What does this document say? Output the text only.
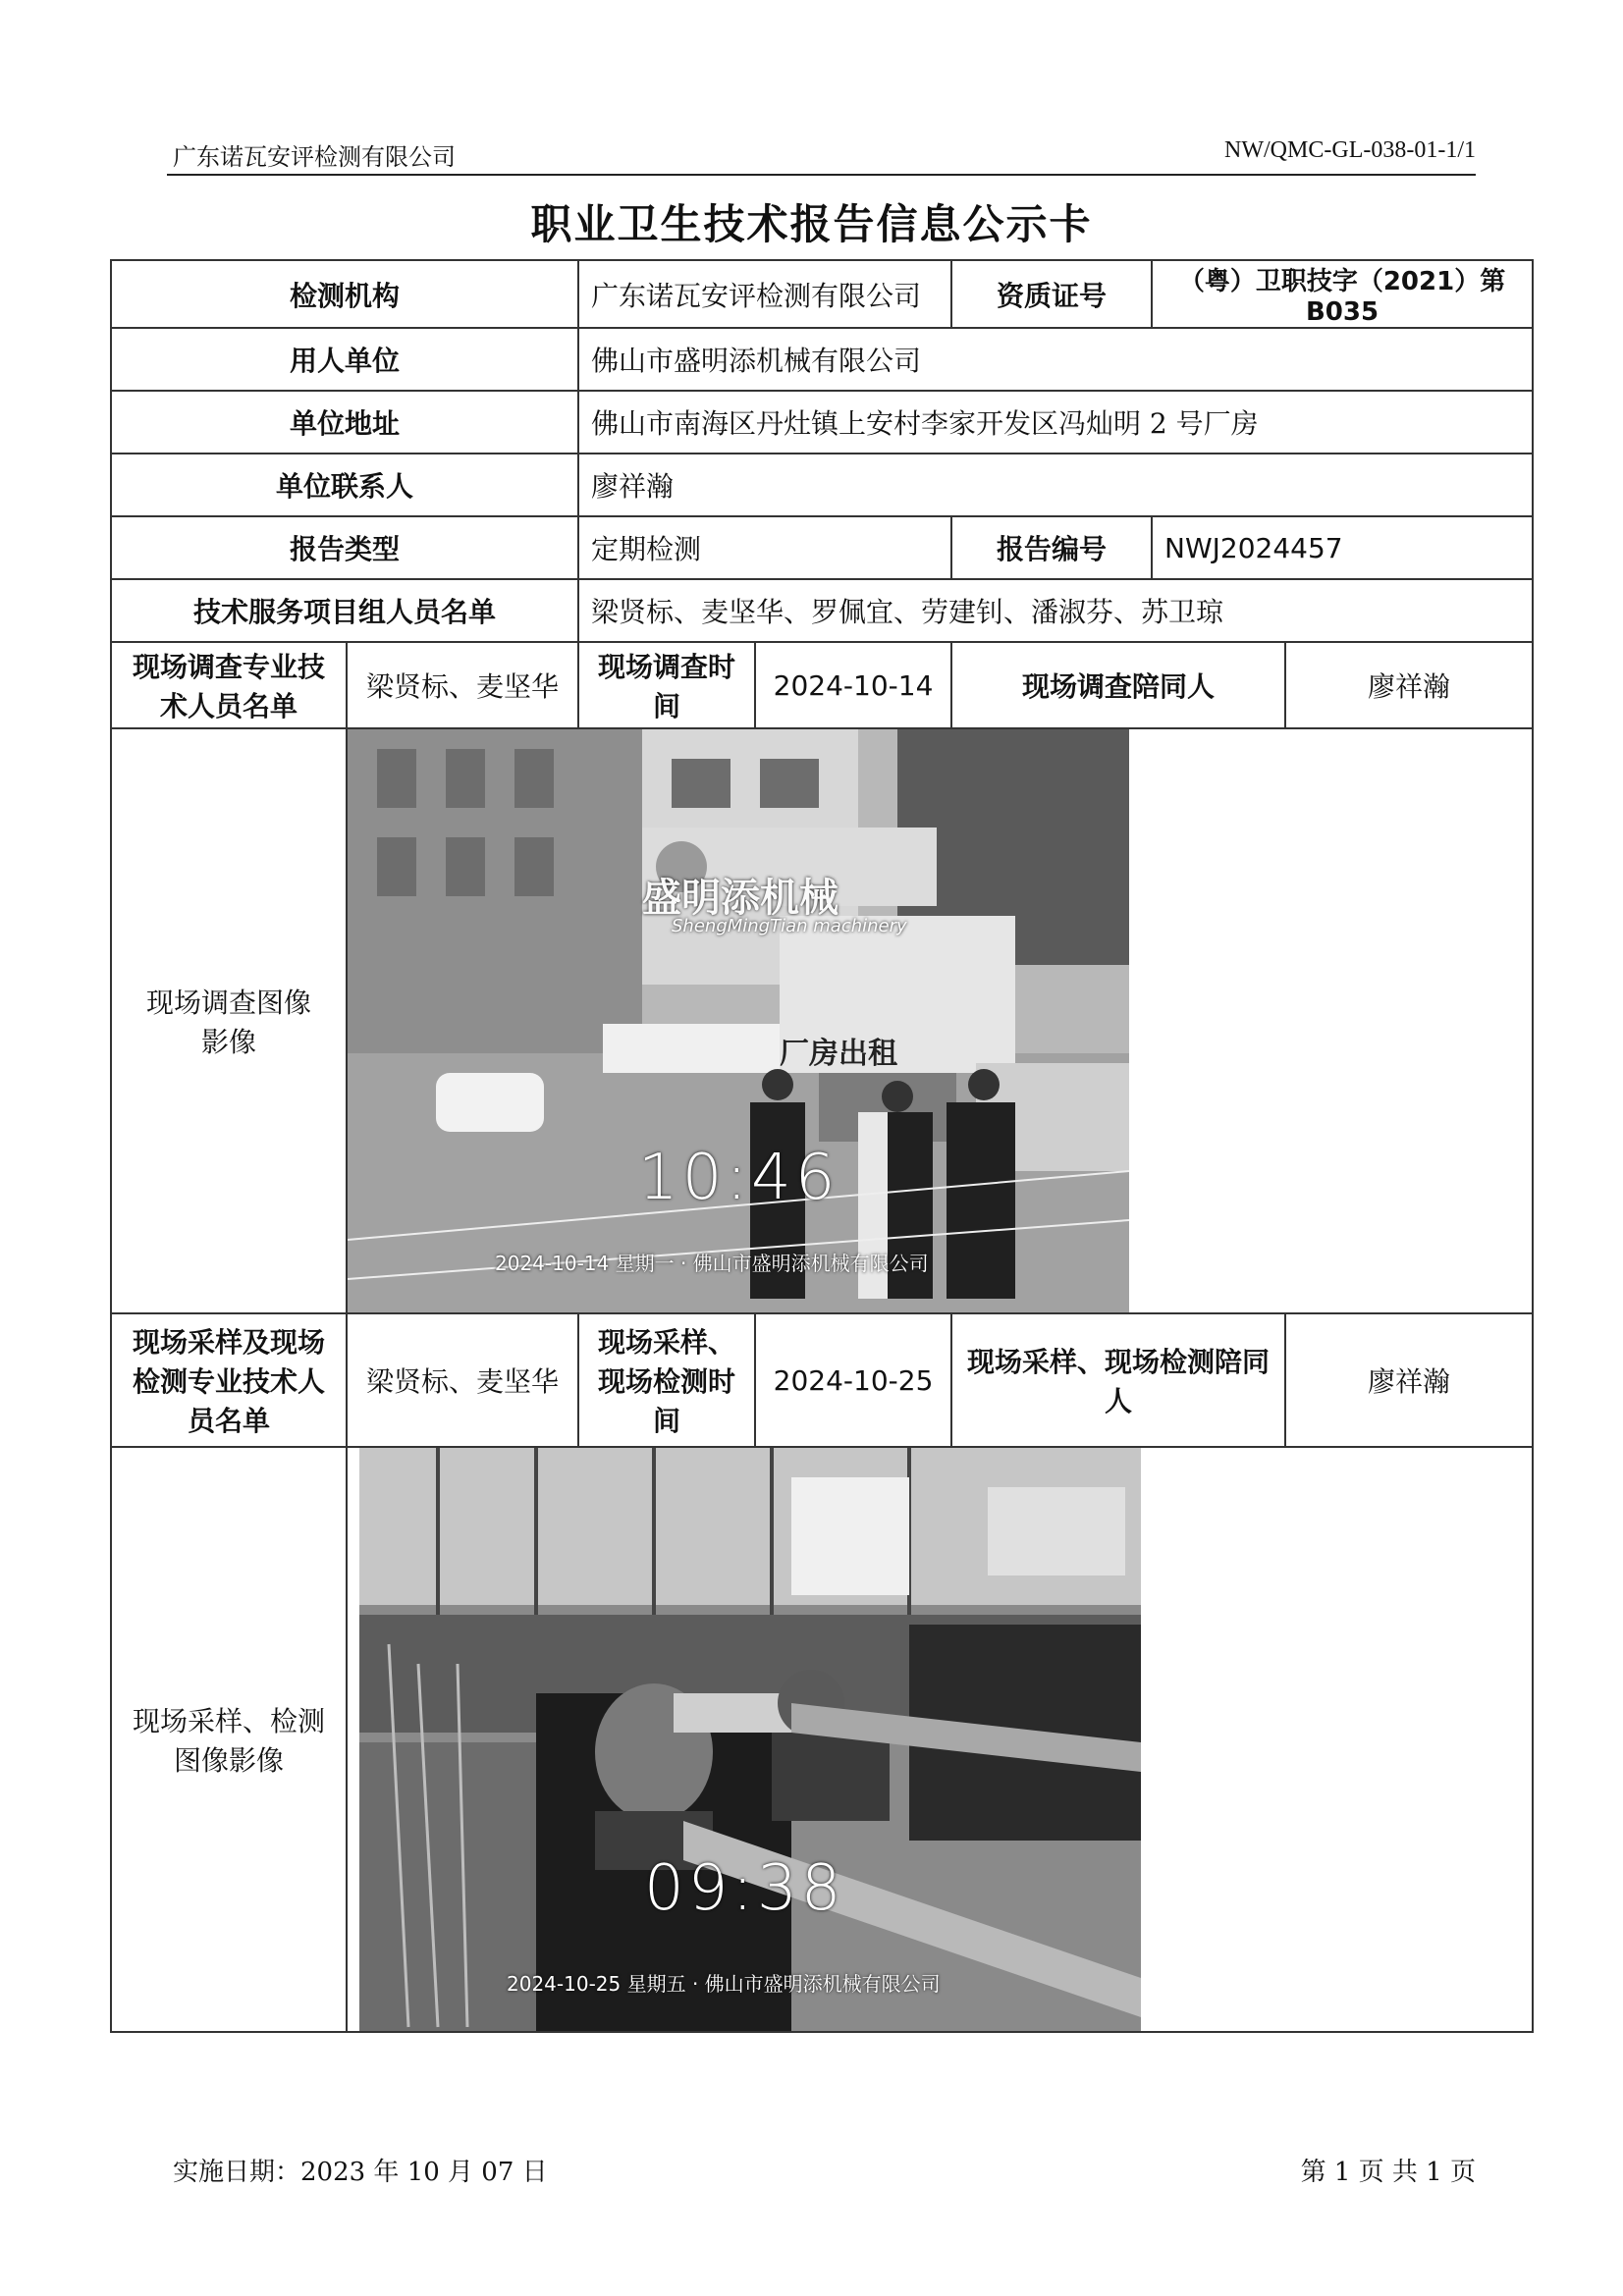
广东诺瓦安评检测有限公司	NW/QMC-GL-038-01-1/1
职业卫生技术报告信息公示卡
检测机构		广东诺瓦安评检测有限公司		资质证号	（粤）卫职技字（2021）第 B035	
用人单位		佛山市盛明添机械有限公司				
单位地址		佛山市南海区丹灶镇上安村李家开发区冯灿明 2 号厂房				
单位联系人		廖祥瀚				
报告类型		定期检测		报告编号	NWJ2024457	
技术服务项目组人员名单		梁贤标、麦坚华、罗佩宜、劳建钊、潘淑芬、苏卫琼				
现场调查专业技术人员名单	梁贤标、麦坚华	现场调查时间	2024-10-14	现场调查陪同人		廖祥瀚
现场调查图像影像	盛明添机械
ShengMingTian machinery
厂房出租
10:46
2024-10-14 星期一 · 佛山市盛明添机械有限公司					

现场采样及现场检测专业技术人员名单	梁贤标、麦坚华	现场采样、现场检测时间	2024-10-25	现场采样、现场检测陪同人		廖祥瀚
现场采样、检测图像影像	09:38
2024-10-25 星期五 · 佛山市盛明添机械有限公司					
实施日期：2023 年 10 月 07 日	第 1 页 共 1 页
